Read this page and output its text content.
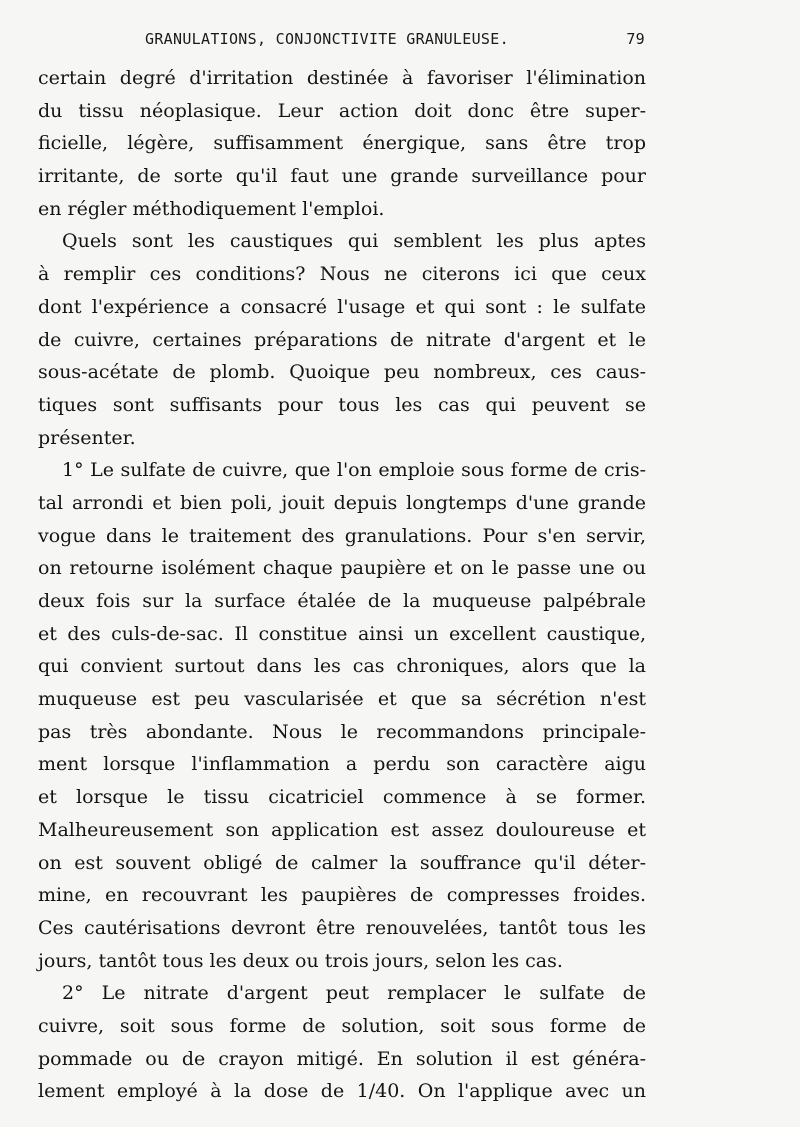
GRANULATIONS, CONJONCTIVITE GRANULEUSE.	79
certain degré d'irritation destinée à favoriser l'élimination
du tissu néoplasique. Leur action doit donc être super-
ficielle, légère, suffisamment énergique, sans être trop
irritante, de sorte qu'il faut une grande surveillance pour
en régler méthodiquement l'emploi.
Quels sont les caustiques qui semblent les plus aptes
à remplir ces conditions? Nous ne citerons ici que ceux
dont l'expérience a consacré l'usage et qui sont : le sulfate
de cuivre, certaines préparations de nitrate d'argent et le
sous-acétate de plomb. Quoique peu nombreux, ces caus-
tiques sont suffisants pour tous les cas qui peuvent se
présenter.
1° Le sulfate de cuivre, que l'on emploie sous forme de cris-
tal arrondi et bien poli, jouit depuis longtemps d'une grande
vogue dans le traitement des granulations. Pour s'en servir,
on retourne isolément chaque paupière et on le passe une ou
deux fois sur la surface étalée de la muqueuse palpébrale
et des culs-de-sac. Il constitue ainsi un excellent caustique,
qui convient surtout dans les cas chroniques, alors que la
muqueuse est peu vascularisée et que sa sécrétion n'est
pas très abondante. Nous le recommandons principale-
ment lorsque l'inflammation a perdu son caractère aigu
et lorsque le tissu cicatriciel commence à se former.
Malheureusement son application est assez douloureuse et
on est souvent obligé de calmer la souffrance qu'il déter-
mine, en recouvrant les paupières de compresses froides.
Ces cautérisations devront être renouvelées, tantôt tous les
jours, tantôt tous les deux ou trois jours, selon les cas.
2° Le nitrate d'argent peut remplacer le sulfate de
cuivre, soit sous forme de solution, soit sous forme de
pommade ou de crayon mitigé. En solution il est généra-
lement employé à la dose de 1/40. On l'applique avec un
